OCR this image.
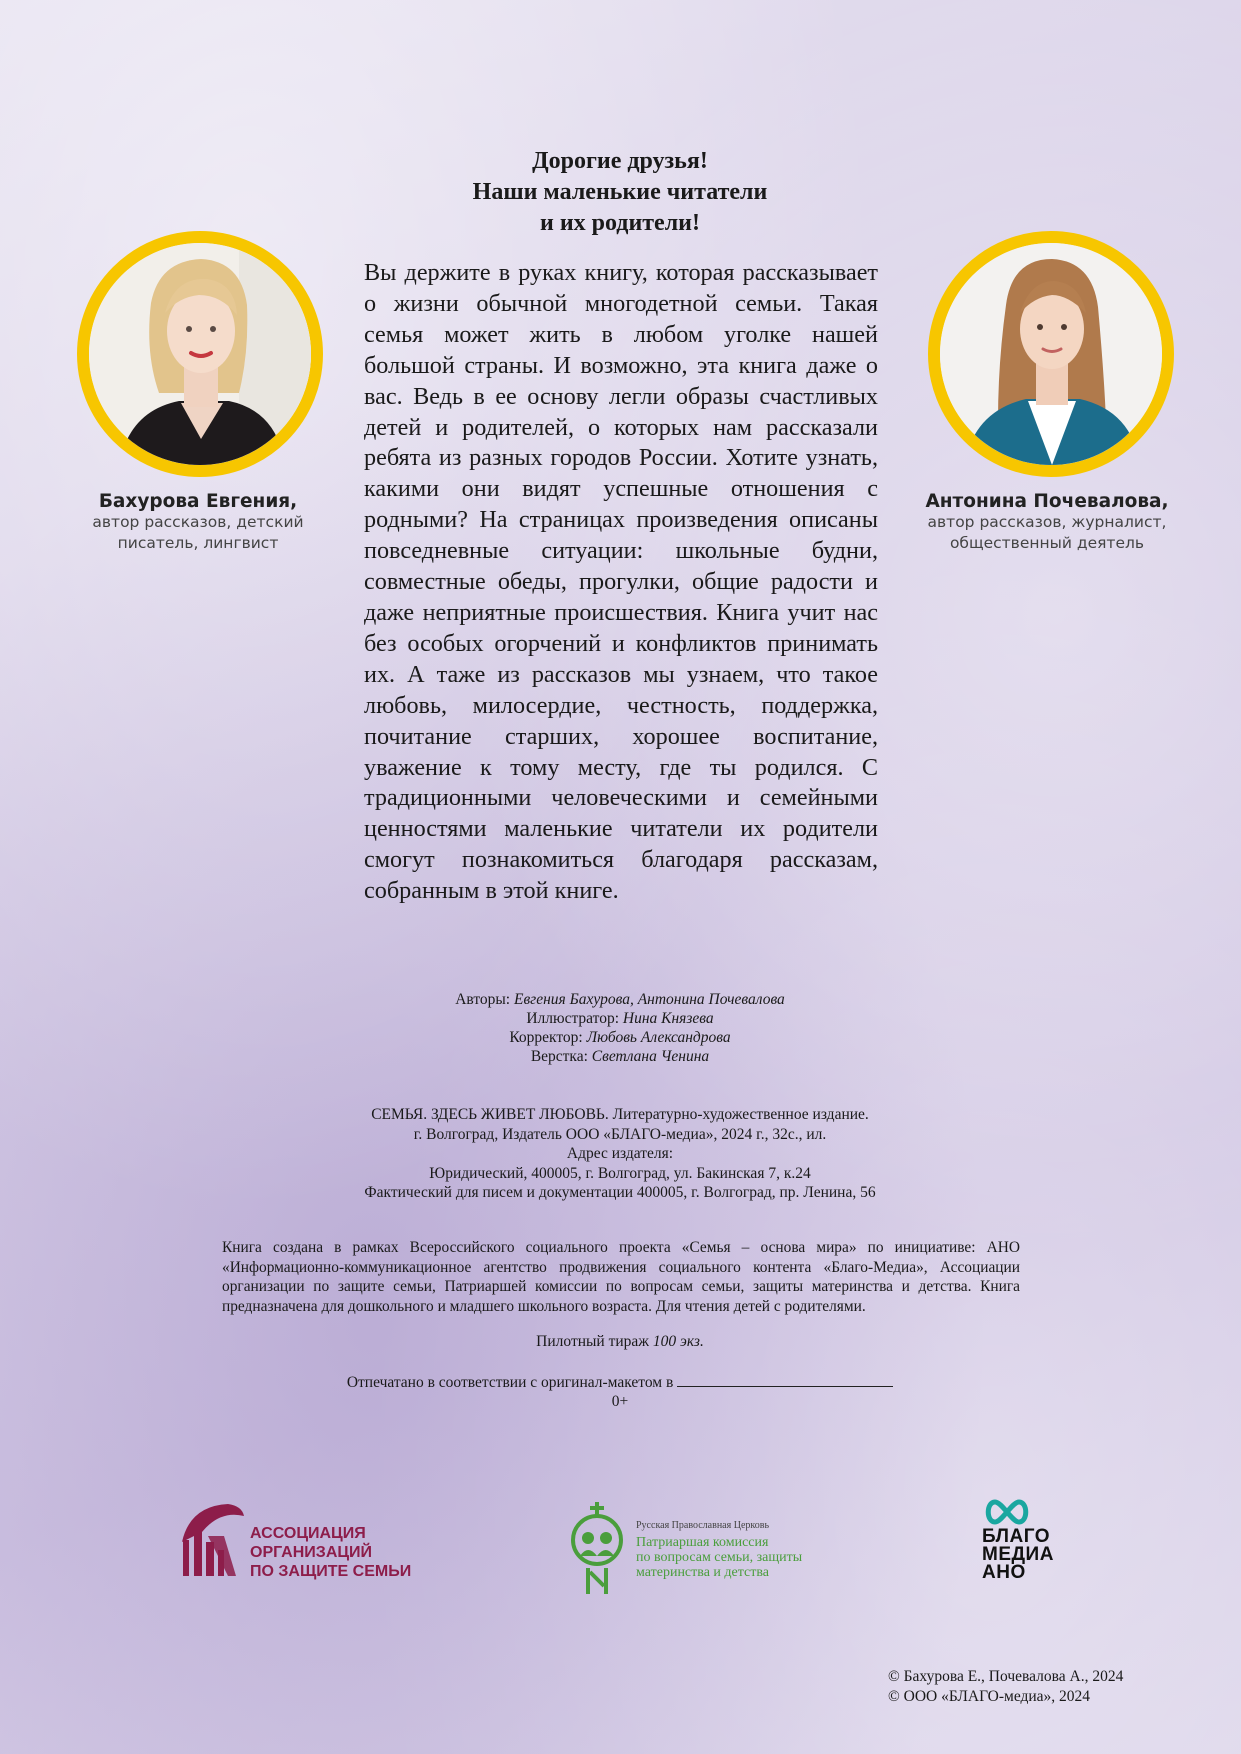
Дорогие друзья!
Наши маленькие читатели
и их родители!
Вы держите в руках книгу, которая рассказывает о жизни обычной многодетной семьи. Такая семья может жить в любом уголке нашей большой страны. И возможно, эта книга даже о вас. Ведь в ее основу легли образы счастливых детей и родителей, о которых нам рассказали ребята из разных городов России. Хотите узнать, какими они видят успешные отношения с родными? На страницах произведения описаны повседневные ситуации: школьные будни, совместные обеды, прогулки, общие радости и даже неприятные происшествия. Книга учит нас без особых огорчений и конфликтов принимать их. А таже из рассказов мы узнаем, что такое любовь, милосердие, честность, поддержка, почитание старших, хорошее воспитание, уважение к тому месту, где ты родился. С традиционными человеческими и семейными ценностями маленькие читатели их родители смогут познакомиться благодаря рассказам, собранным в этой книге.
Бахурова Евгения,
автор рассказов, детский
писатель, лингвист
Антонина Почевалова,
автор рассказов, журналист,
общественный деятель
Авторы: Евгения Бахурова, Антонина Почевалова
Иллюстратор: Нина Князева
Корректор: Любовь Александрова
Верстка: Светлана Ченина
СЕМЬЯ. ЗДЕСЬ ЖИВЕТ ЛЮБОВЬ. Литературно-художественное издание.
г. Волгоград, Издатель ООО «БЛАГО-медиа», 2024 г., 32с., ил.
Адрес издателя:
Юридический, 400005, г. Волгоград, ул. Бакинская 7, к.24
Фактический для писем и документации 400005, г. Волгоград, пр. Ленина, 56
Книга создана в рамках Всероссийского социального проекта «Семья – основа мира» по инициативе: АНО «Информационно-коммуникационное агентство продвижения социального контента «Благо-Медиа», Ассоциации организации по защите семьи, Патриаршей комиссии по вопросам семьи, защиты материнства и детства. Книга предназначена для дошкольного и младшего школьного возраста. Для чтения детей с родителями.
Пилотный тираж 100 экз.
Отпечатано в соответствии с оригинал-макетом в
0+
АССОЦИАЦИЯ
ОРГАНИЗАЦИЙ
ПО ЗАЩИТЕ СЕМЬИ
Русская Православная Церковь
Патриаршая комиссия
по вопросам семьи, защиты
материнства и детства
БЛАГО
МЕДИА
АНО
© Бахурова Е., Почевалова А., 2024
© ООО «БЛАГО-медиа», 2024
